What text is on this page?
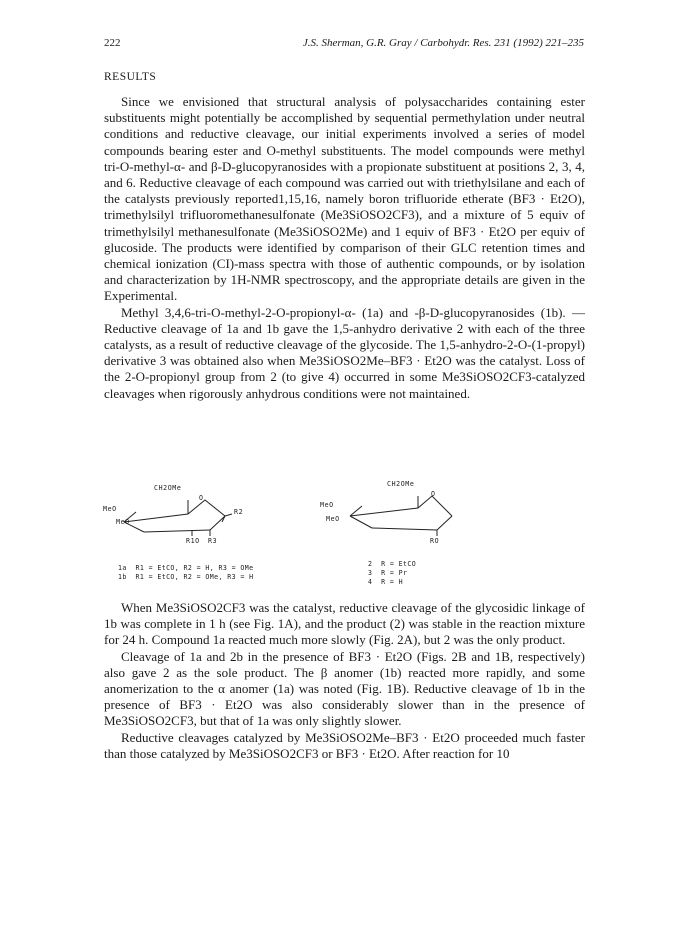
222	J.S. Sherman, G.R. Gray / Carbohydr. Res. 231 (1992) 221–235
RESULTS

Since we envisioned that structural analysis of polysaccharides containing ester substituents might potentially be accomplished by sequential permethylation under neutral conditions and reductive cleavage, our initial experiments involved a series of model compounds bearing ester and O-methyl substituents. The model compounds were methyl tri-O-methyl-α- and β-D-glucopyranosides with a propionate substituent at positions 2, 3, 4, and 6. Reductive cleavage of each compound was carried out with triethylsilane and each of the catalysts previously reported1,15,16, namely boron trifluoride etherate (BF3 · Et2O), trimethylsilyl trifluoromethanesulfonate (Me3SiOSO2CF3), and a mixture of 5 equiv of trimethylsilyl methanesulfonate (Me3SiOSO2Me) and 1 equiv of BF3 · Et2O per equiv of glucoside. The products were identified by comparison of their GLC retention times and chemical ionization (CI)-mass spectra with those of authentic compounds, or by isolation and characterization by 1H-NMR spectroscopy, and the appropriate details are given in the Experimental.

Methyl 3,4,6-tri-O-methyl-2-O-propionyl-α- (1a) and -β-D-glucopyranosides (1b). —Reductive cleavage of 1a and 1b gave the 1,5-anhydro derivative 2 with each of the three catalysts, as a result of reductive cleavage of the glycoside. The 1,5-anhydro-2-O-(1-propyl) derivative 3 was obtained also when Me3SiOSO2Me–BF3 · Et2O was the catalyst. Loss of the 2-O-propionyl group from 2 (to give 4) occurred in some Me3SiOSO2CF3-catalyzed cleavages when rigorously anhydrous conditions were not maintained.

CH2OMe
O
MeO
MeO
R2
R1O R3
CH2OMe
O
MeO
MeO
RO
1a  R1 = EtCO, R2 = H, R3 = OMe
1b  R1 = EtCO, R2 = OMe, R3 = H
2  R = EtCO
3  R = Pr
4  R = H

When Me3SiOSO2CF3 was the catalyst, reductive cleavage of the glycosidic linkage of 1b was complete in 1 h (see Fig. 1A), and the product (2) was stable in the reaction mixture for 24 h. Compound 1a reacted much more slowly (Fig. 2A), but 2 was the only product.

Cleavage of 1a and 2b in the presence of BF3 · Et2O (Figs. 2B and 1B, respectively) also gave 2 as the sole product. The β anomer (1b) reacted more rapidly, and some anomerization to the α anomer (1a) was noted (Fig. 1B). Reductive cleavage of 1b in the presence of BF3 · Et2O was also considerably slower than in the presence of Me3SiOSO2CF3, but that of 1a was only slightly slower.

Reductive cleavages catalyzed by Me3SiOSO2Me–BF3 · Et2O proceeded much faster than those catalyzed by Me3SiOSO2CF3 or BF3 · Et2O. After reaction for 10
